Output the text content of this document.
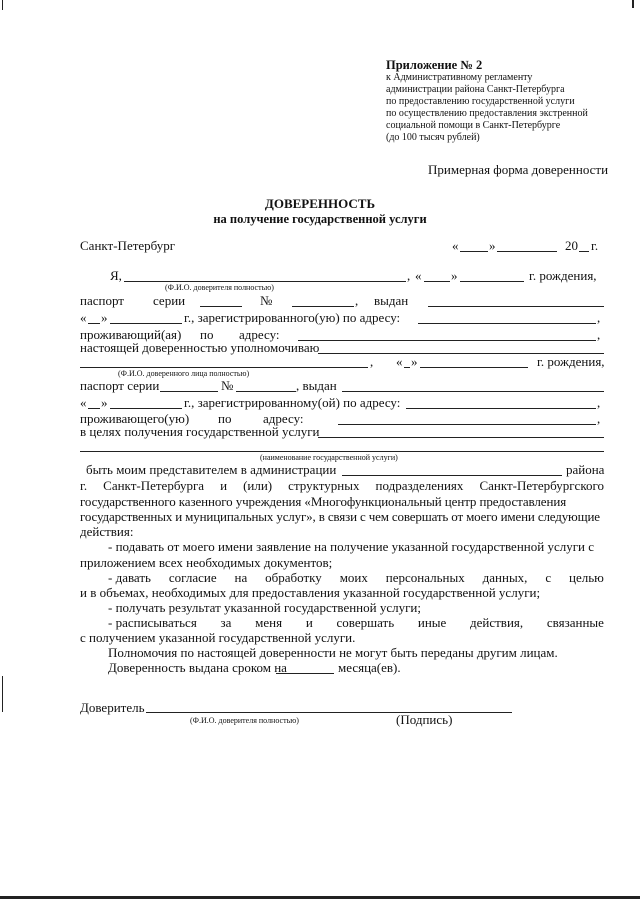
Приложение № 2
к Административному регламенту
администрации района Санкт-Петербурга
по предоставлению государственной услуги
по осуществлению предоставления экстренной
социальной помощи в Санкт-Петербурге
(до 100 тысяч рублей)
Примерная форма доверенности
ДОВЕРЕННОСТЬ
на получение государственной услуги
Санкт-Петербург	« »	20 г.
Я,	, « »	г. рождения,
(Ф.И.О. доверителя полностью)
паспорт серии	№	, выдан
« »	г., зарегистрированного(ую) по адресу:	,
проживающий(ая) по адресу:	,
настоящей доверенностью уполномочиваю
, « »	г. рождения,
(Ф.И.О. доверенного лица полностью)
паспорт серии	№	, выдан
« »	г., зарегистрированному(ой) по адресу:	,
проживающего(ую) по адресу:	,
в целях получения государственной услуги
(наименование государственной услуги)
быть моим представителем в администрации	района
г. Санкт-Петербурга и (или) структурных подразделениях Санкт-Петербургского
государственного казенного учреждения «Многофункциональный центр предоставления
государственных и муниципальных услуг», в связи с чем совершать от моего имени следующие
действия:
- подавать от моего имени заявление на получение указанной государственной услуги с
приложением всех необходимых документов;
- давать согласие на обработку моих персональных данных, с целью
и в объемах, необходимых для предоставления указанной государственной услуги;
- получать результат указанной государственной услуги;
- расписываться за меня и совершать иные действия, связанные
с получением указанной государственной услуги.
Полномочия по настоящей доверенности не могут быть переданы другим лицам.
Доверенность выдана сроком на	месяца(ев).
Доверитель
(Ф.И.О. доверителя полностью)	(Подпись)
